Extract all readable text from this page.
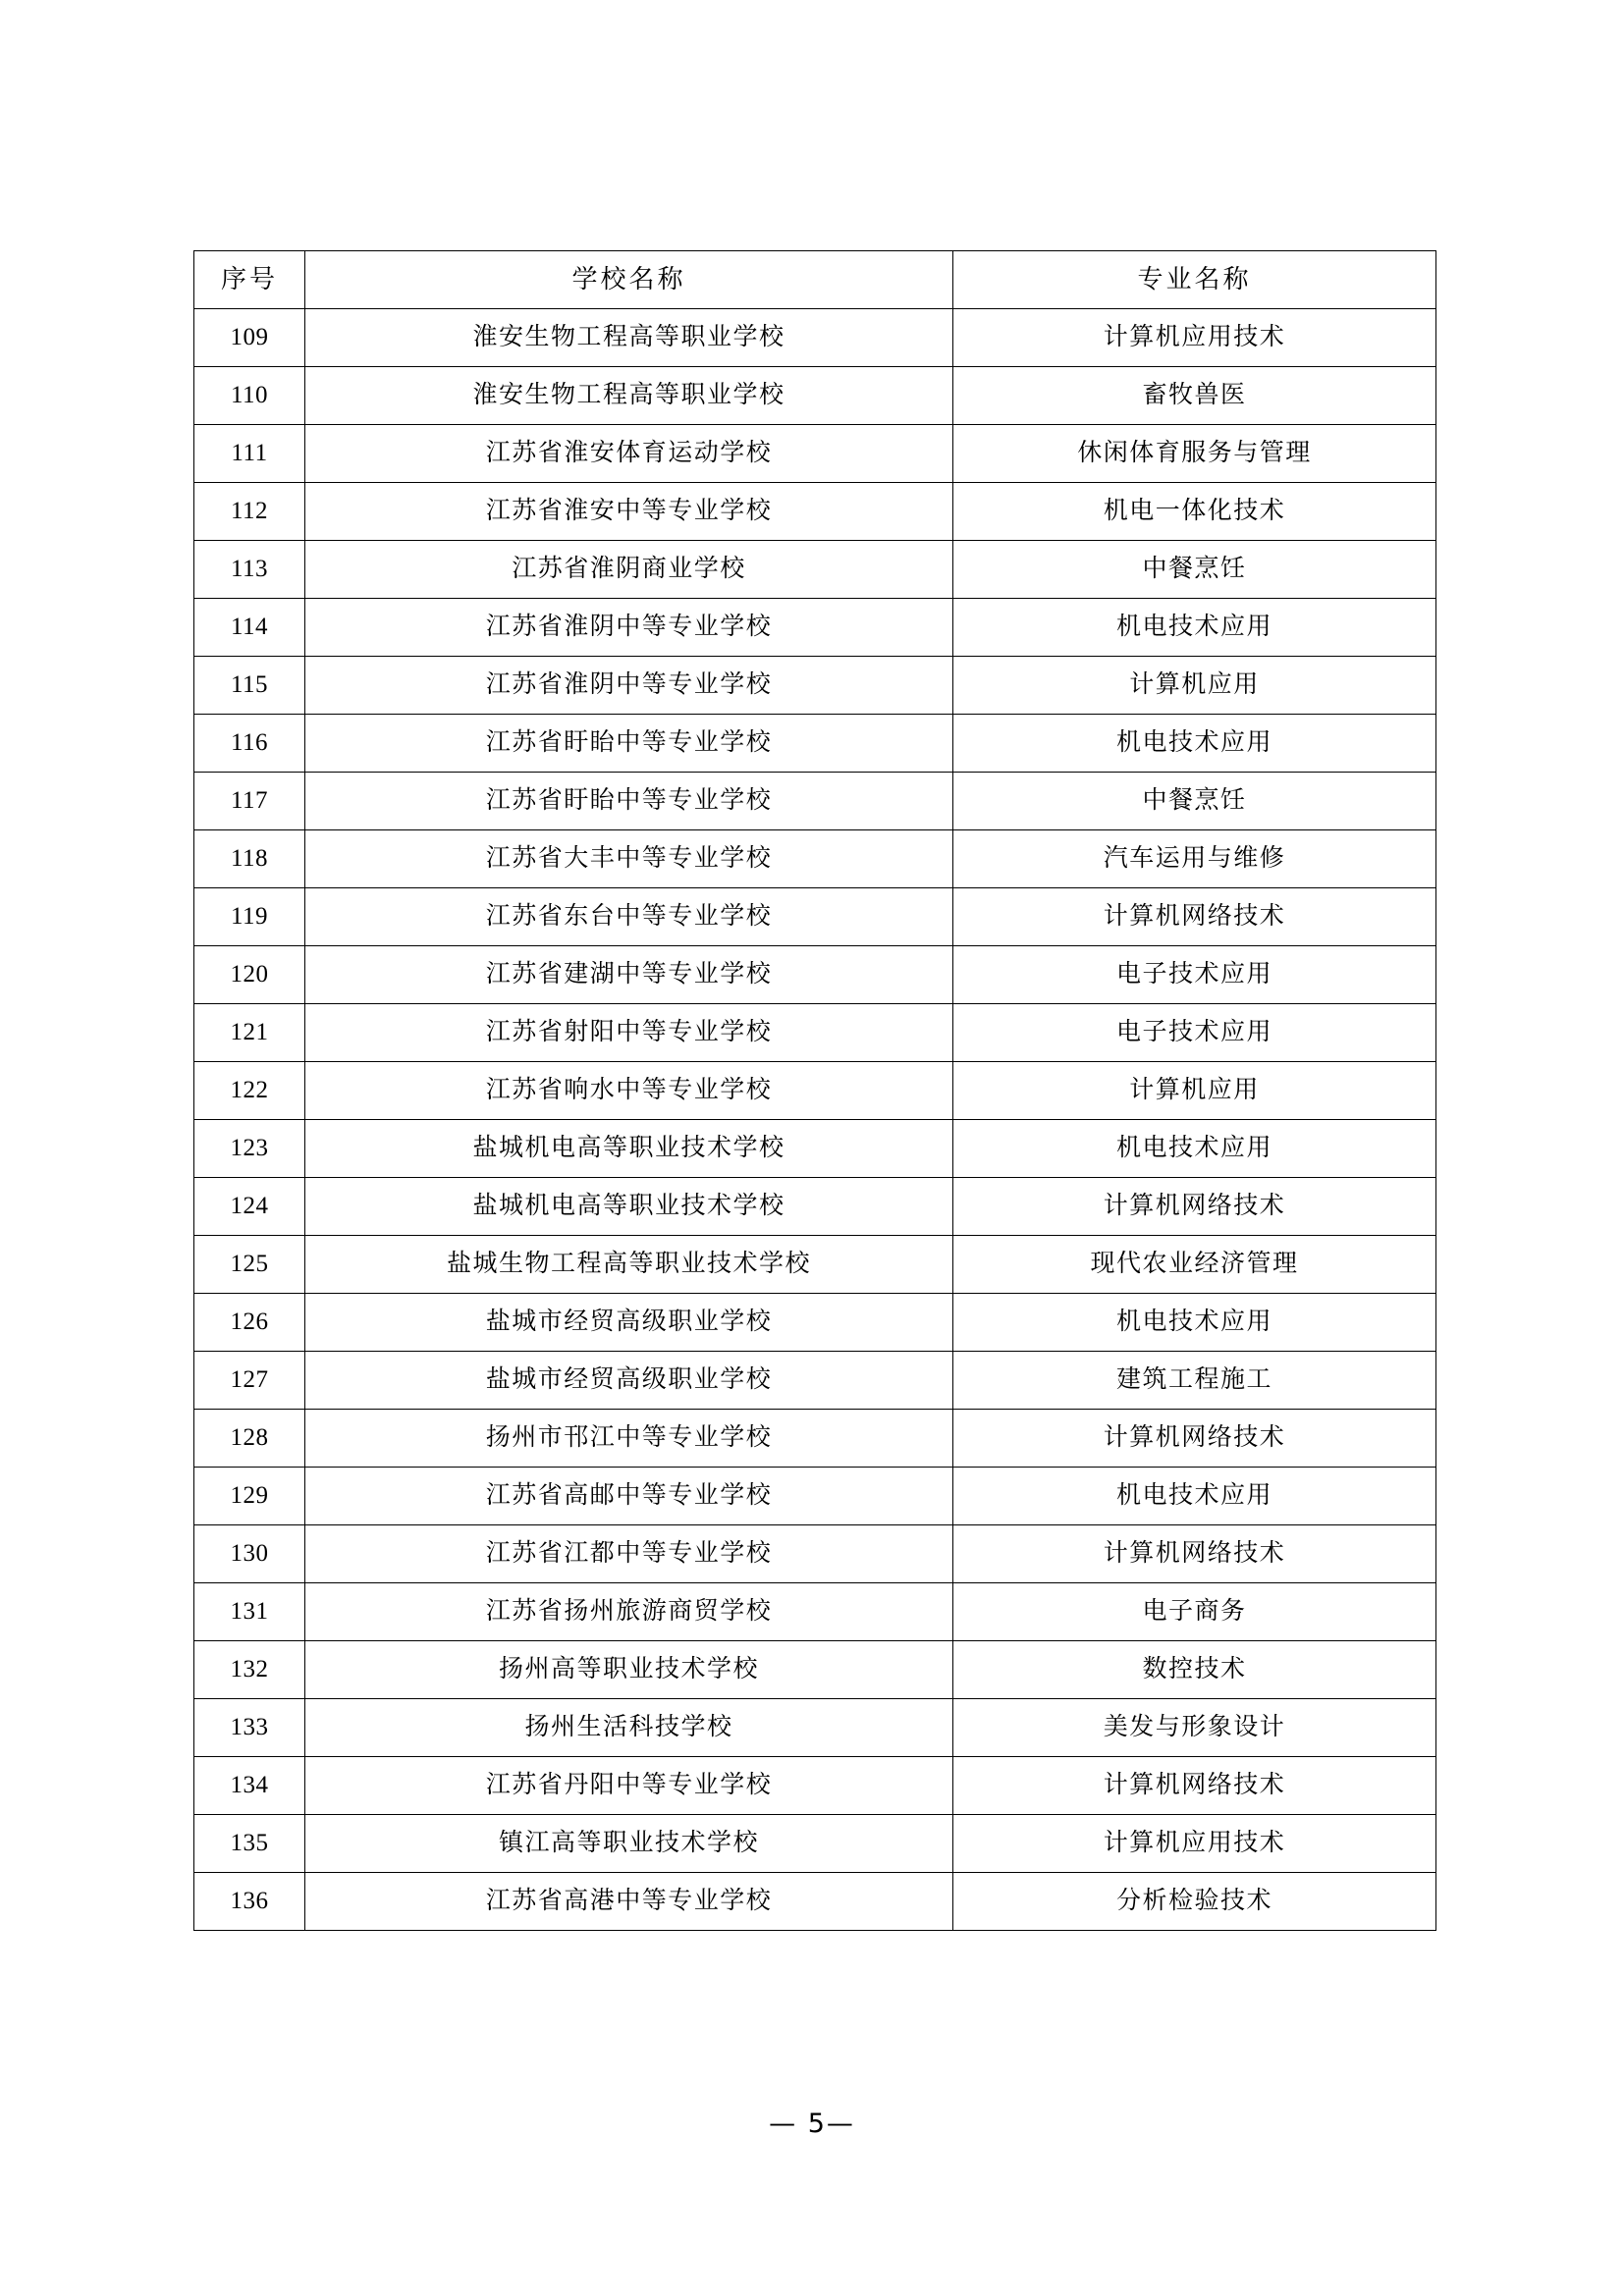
序号	学校名称	专业名称
109	淮安生物工程高等职业学校	计算机应用技术
110	淮安生物工程高等职业学校	畜牧兽医
111	江苏省淮安体育运动学校	休闲体育服务与管理
112	江苏省淮安中等专业学校	机电一体化技术
113	江苏省淮阴商业学校	中餐烹饪
114	江苏省淮阴中等专业学校	机电技术应用
115	江苏省淮阴中等专业学校	计算机应用
116	江苏省盱眙中等专业学校	机电技术应用
117	江苏省盱眙中等专业学校	中餐烹饪
118	江苏省大丰中等专业学校	汽车运用与维修
119	江苏省东台中等专业学校	计算机网络技术
120	江苏省建湖中等专业学校	电子技术应用
121	江苏省射阳中等专业学校	电子技术应用
122	江苏省响水中等专业学校	计算机应用
123	盐城机电高等职业技术学校	机电技术应用
124	盐城机电高等职业技术学校	计算机网络技术
125	盐城生物工程高等职业技术学校	现代农业经济管理
126	盐城市经贸高级职业学校	机电技术应用
127	盐城市经贸高级职业学校	建筑工程施工
128	扬州市邗江中等专业学校	计算机网络技术
129	江苏省高邮中等专业学校	机电技术应用
130	江苏省江都中等专业学校	计算机网络技术
131	江苏省扬州旅游商贸学校	电子商务
132	扬州高等职业技术学校	数控技术
133	扬州生活科技学校	美发与形象设计
134	江苏省丹阳中等专业学校	计算机网络技术
135	镇江高等职业技术学校	计算机应用技术
136	江苏省高港中等专业学校	分析检验技术
— 5—
